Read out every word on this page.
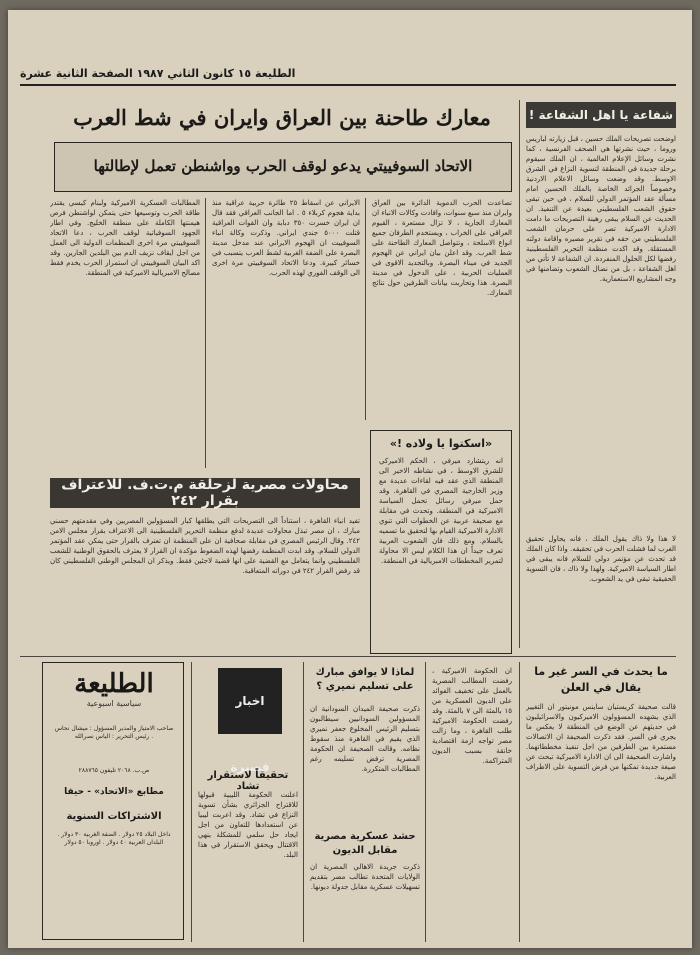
الطليعة ١٥ كانون الثاني ١٩٨٧ الصفحة الثانية عشرة
شفاعة يا اهل الشفاعة !
اوضحت تصريحات الملك حسين ، قبل زيارته لباريس وروما ، حيث نشرتها هي الصحف الفرنسية ، كما نشرت وسائل الإعلام العالمية ، ان الملك سيقوم برحلة جديدة في المنطقة لتسوية النزاع في الشرق الاوسط. وقد وضعت وسائل الاعلام الاردنية وخصوصاً الجرائد الخاصة بالملك الحسين امام مسألة عقد المؤتمر الدولي للسلام ، في حين تبقى حقوق الشعب الفلسطيني بعيدة عن التنفيذ. ان الحديث عن السلام يبقى رهينة التصريحات ما دامت الادارة الاميركية تصر على حرمان الشعب الفلسطيني من حقه في تقرير مصيره واقامة دولته المستقلة. وقد اكدت منظمة التحرير الفلسطينية رفضها لكل الحلول المنفردة. ان الشفاعة لا تأتي من اهل الشفاعة ، بل من نضال الشعوب وتضامنها في وجه المشاريع الاستعمارية.
لا هذا ولا ذاك يقول الملك ، فانه يحاول تحقيق الغرب لما فشلت الحرب في تحقيقه. واذا كان الملك قد تحدث عن مؤتمر دولي للسلام فانه يبقى في اطار السياسة الاميركية. ولهذا ولا ذاك ، فان التسوية الحقيقية تبقى في يد الشعوب.
معارك طاحنة بين العراق وايران في شط العرب
الاتحاد السوفييتي يدعو لوقف الحرب وواشنطن تعمل لإطالتها
تصاعدت الحرب الدموية الدائرة بين العراق وايران منذ سبع سنوات، وافادت وكالات الانباء ان المعارك الجارية ، لا تزال مستعرة ، القيوم العراقي على الخراب ، ويستخدم الطرفان جميع انواع الاسلحة ، وتتواصل المعارك الطاحنة على شط العرب. وقد اعلن بيان ايراني عن الهجوم الجديد في ميناء البصرة. وبالتجديد الاقوى في العمليات الحربية ، على الدخول في مدينة البصرة. هذا وتحاربت بيانات الطرفين حول نتائج المعارك.
الايراني عن اسقاط ٢٥ طائرة حربية عراقية منذ بداية هجوم كربلاء ٥ . اما الجانب العراقي فقد قال ان ايران خسرت ٣٥٠ دبابة وان القوات العراقية قتلت ٥٠٠٠ جندي ايراني. وذكرت وكالة انباء السوفييت ان الهجوم الايراني عند مدخل مدينة البصرة على الضفة الغربية لشط العرب يتسبب في خسائر كبيرة. ودعا الاتحاد السوفييتي مرة اخرى الى الوقف الفوري لهذه الحرب.
المطالبات العسكرية الاميركية ولبنام كيسي يقتدر طاقة الحرب وتوسيعها حتى يتمكن لواشنطن فرص هيمنتها الكاملة على منطقة الخليج. وفي اطار الجهود السوفياتية لوقف الحرب ، دعا الاتحاد السوفييتي مرة اخرى المنظمات الدولية الى العمل من اجل ايقاف نزيف الدم بين البلدين الجارين. وقد اكد البيان السوفييتي ان استمرار الحرب يخدم فقط مصالح الامبريالية الاميركية في المنطقة.
«اسكتوا يا ولاده !»
انه ريتشارد ميرفي ، الحكم الاميركي للشرق الاوسط ، في نشاطه الاخير الى المنطقة الذي عقد فيه لقاءات عديدة مع وزير الخارجية المصري في القاهرة. وقد حمل ميرفي رسائل تحمل السياسة الاميركية في المنطقة. وتحدث في مقابلة مع صحيفة عربية عن الخطوات التي تنوي الادارة الاميركية القيام بها لتحقيق ما تسميه بالسلام. ومع ذلك فان الشعوب العربية تعرف جيداً ان هذا الكلام ليس الا محاولة لتمرير المخططات الامبريالية في المنطقة.
محاولات مصرية لزحلقة م.ت.ف. للاعتراف بقرار ٢٤٢
تفيد انباء القاهرة ، استناداً الى التصريحات التي يطلقها كبار المسؤولين المصريين وفي مقدمتهم حسني مبارك ، ان مصر تبذل محاولات عديدة لدفع منظمة التحرير الفلسطينية الى الاعتراف بقرار مجلس الامن ٢٤٢. وقال الرئيس المصري في مقابلة صحافية ان على المنظمة ان تعترف بالقرار حتى يمكن عقد المؤتمر الدولي للسلام. وقد ابدت المنظمة رفضها لهذه الضغوط مؤكدة ان القرار لا يعترف بالحقوق الوطنية للشعب الفلسطيني وانما يتعامل مع القضية على انها قضية لاجئين فقط. ويذكر ان المجلس الوطني الفلسطيني كان قد رفض القرار ٢٤٢ في دوراته المتعاقبة.
ما يحدث في السر غير ما يقال في العلن
قالت صحيفة كريستيان ساينس مونيتور ان التغيير الذي يشهده المسؤولون الاميركيون والاسرائيليون في حديثهم عن الوضع في المنطقة لا يعكس ما يجري في السر. فقد ذكرت الصحيفة ان الاتصالات مستمرة بين الطرفين من اجل تنفيذ مخططاتهما. واشارت الصحيفة الى ان الادارة الاميركية تبحث عن صيغة جديدة تمكنها من فرض التسوية على الاطراف العربية.
ان الحكومة الاميركية ، رفضت المطالب المصرية بالعمل على تخفيف الفوائد على الديون العسكرية من ١٥ بالمئة الى ٧ بالمئة. وقد رفضت الحكومة الاميركية طلب القاهرة ، وما زالت مصر تواجه ازمة اقتصادية خانقة بسبب الديون المتراكمة.
لماذا لا يوافق مبارك على تسليم نميري ؟
ذكرت صحيفة الميدان السودانية ان المسؤولين السودانيين سيطالبون بتسليم الرئيس المخلوع جعفر نميري الذي يقيم في القاهرة منذ سقوط نظامه. وقالت الصحيفة ان الحكومة المصرية ترفض تسليمه رغم المطالبات المتكررة.
حشد عسكرية مصرية مقابل الديون
ذكرت جريدة الاهالي المصرية ان الولايات المتحدة تطالب مصر بتقديم تسهيلات عسكرية مقابل جدولة ديونها.
اخبار قصيرة
تحقيقاً لاستقرار تشاد
اعلنت الحكومة الليبية قبولها للاقتراح الجزائري بشأن تسوية النزاع في تشاد. وقد اعربت ليبيا عن استعدادها للتعاون من اجل ايجاد حل سلمي للمشكلة ينهي الاقتتال ويحقق الاستقرار في هذا البلد.
الطليعة
سياسية اسبوعية
صاحب الامتياز والمدير المسؤول : ميشال نحاس . رئيس التحرير : الياس نصرالله
ص.ب. ٢٠٦٨ تليفون ٢٨٨٧٦٥
مطابع «الاتحاد» - حيفا
الاشتراكات السنوية
داخل البلاد ٢٥ دولار . الضفة الغربية ٣٠ دولار . البلدان العربية ٤٠ دولار . اوروبا ٥٠ دولار
